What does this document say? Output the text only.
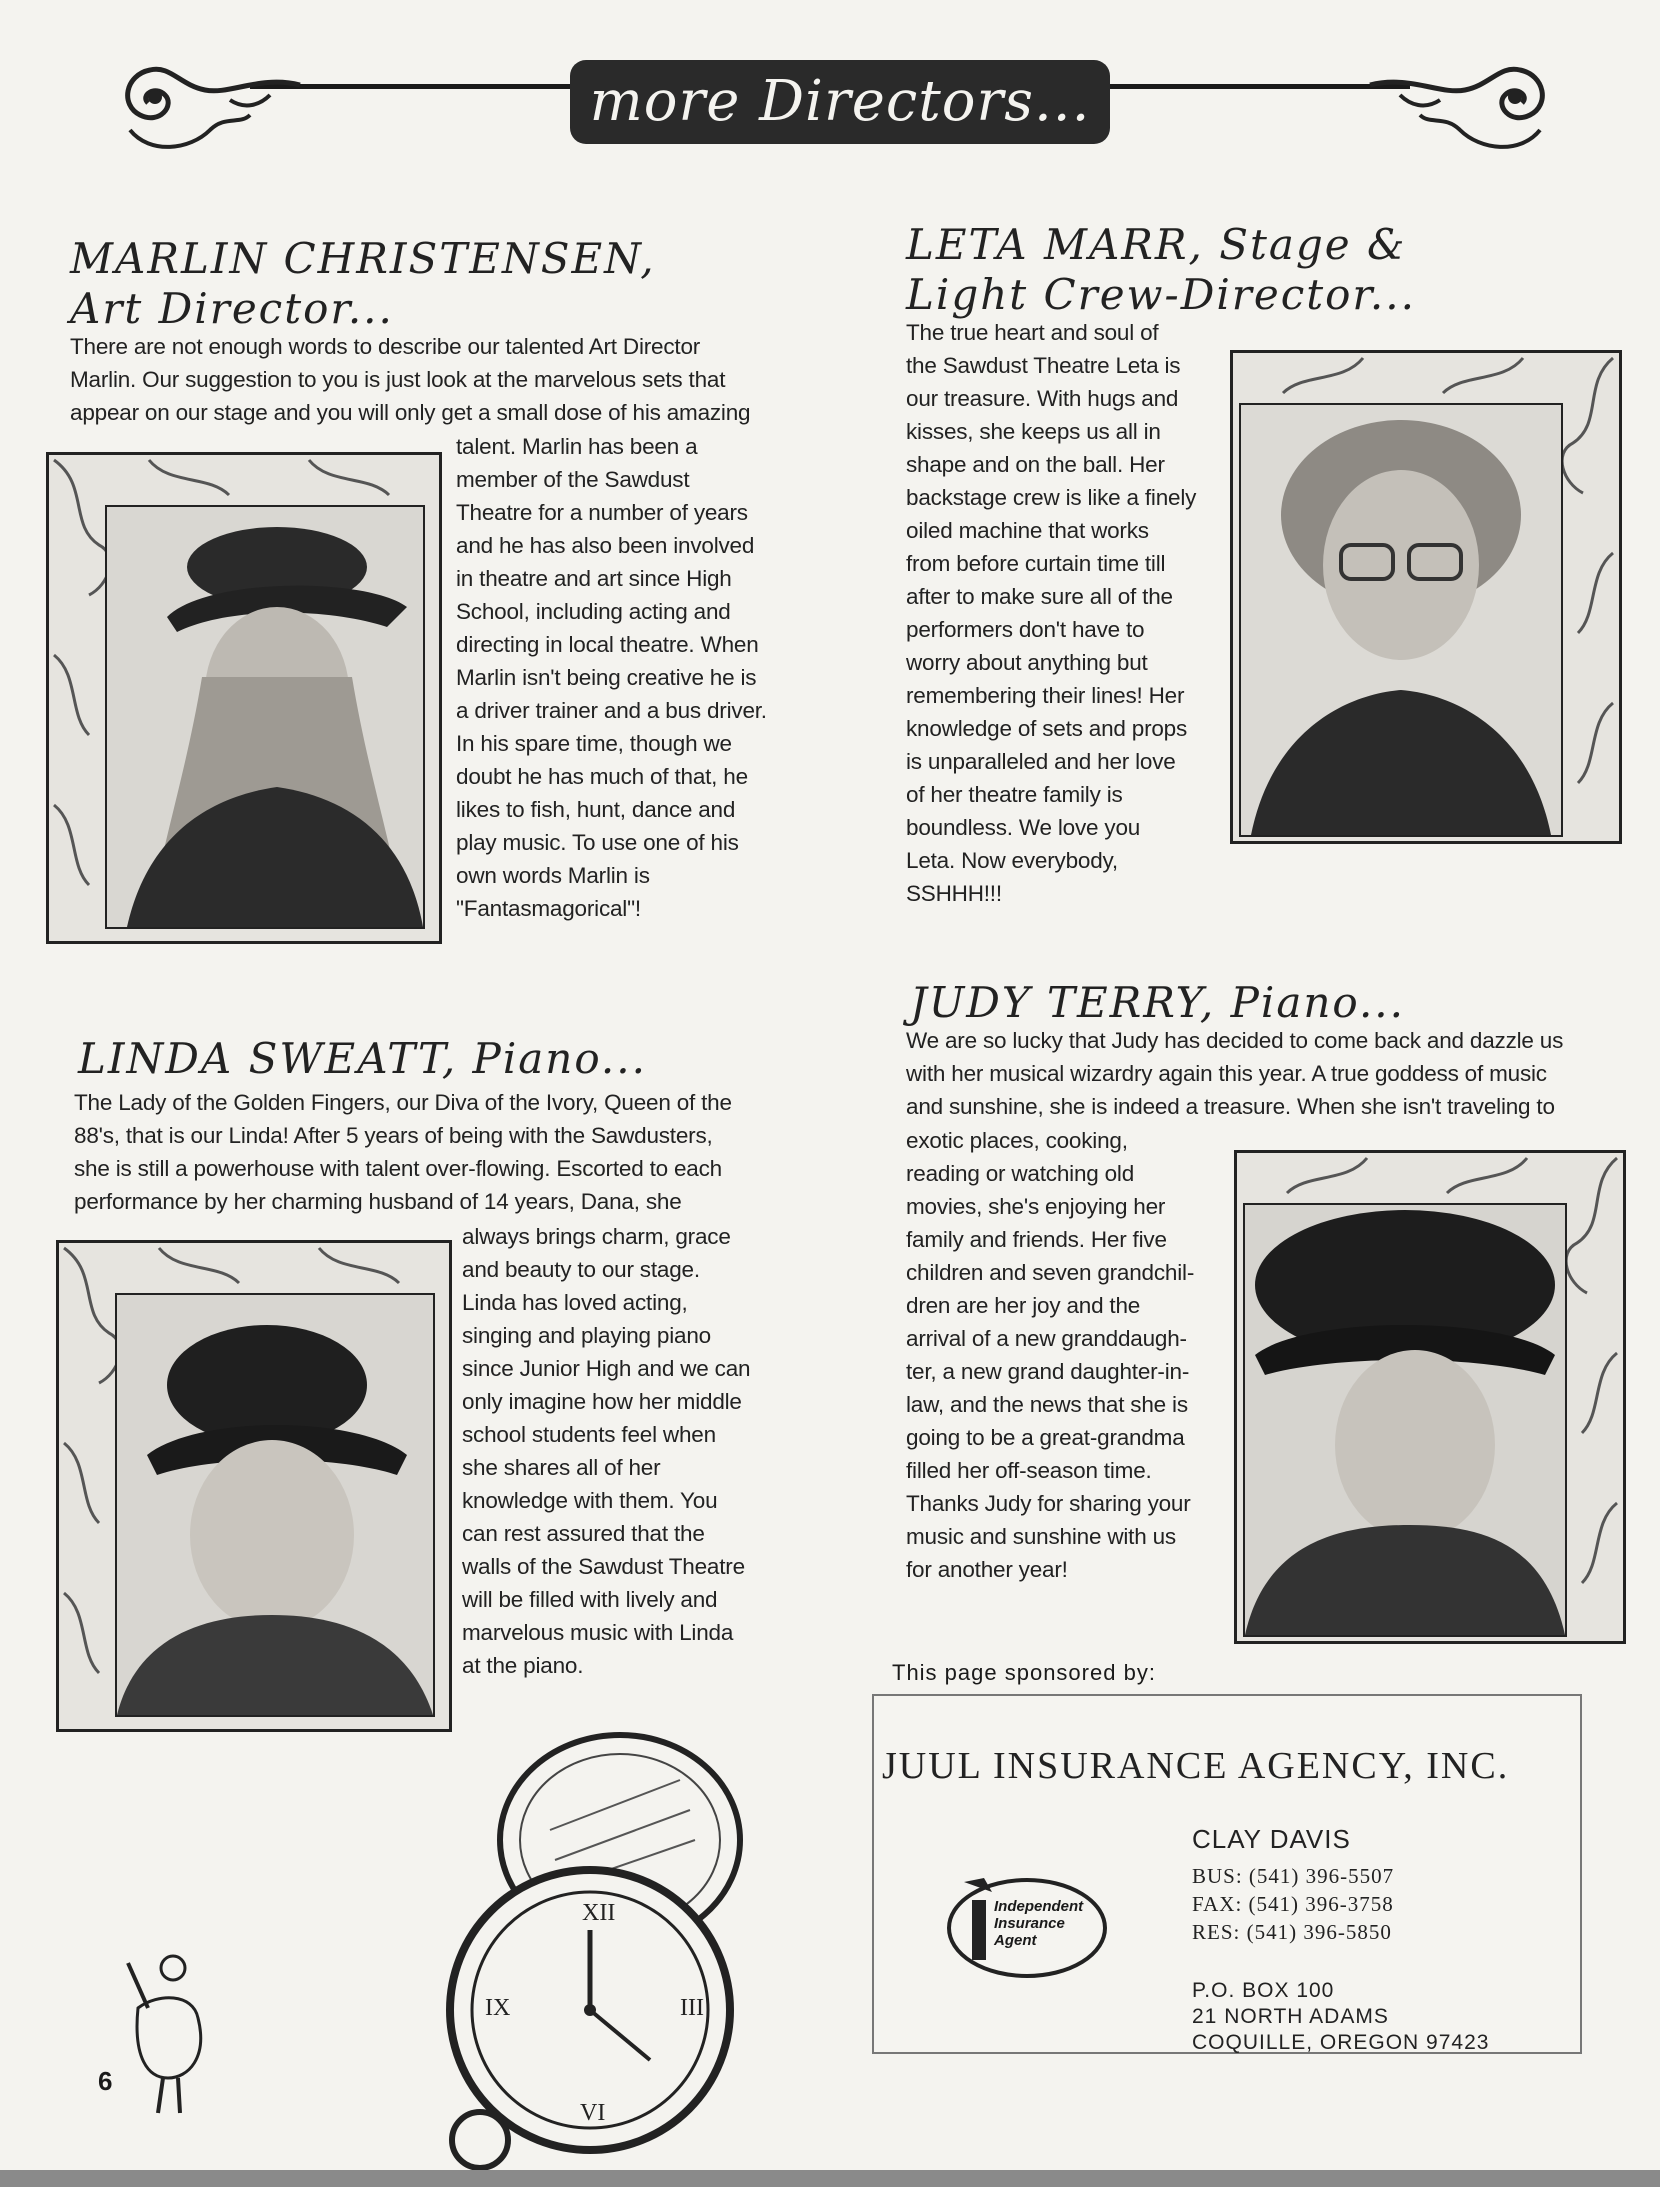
more Directors...
MARLIN CHRISTENSEN,
Art Director...
There are not enough words to describe our talented Art Director
Marlin. Our suggestion to you is just look at the marvelous sets that
appear on our stage and you will only get a small dose of his amazing
talent. Marlin has been a
member of the Sawdust
Theatre for a number of years
and he has also been involved
in theatre and art since High
School, including acting and
directing in local theatre. When
Marlin isn't being creative he is
a driver trainer and a bus driver.
In his spare time, though we
doubt he has much of that, he
likes to fish, hunt, dance and
play music. To use one of his
own words Marlin is
"Fantasmagorical"!
LETA MARR, Stage &
Light Crew-Director...
The true heart and soul of
the Sawdust Theatre Leta is
our treasure. With hugs and
kisses, she keeps us all in
shape and on the ball. Her
backstage crew is like a finely
oiled machine that works
from before curtain time till
after to make sure all of the
performers don't have to
worry about anything but
remembering their lines! Her
knowledge of sets and props
is unparalleled and her love
of her theatre family is
boundless. We love you
Leta. Now everybody,
SSHHH!!!
LINDA SWEATT, Piano...
The Lady of the Golden Fingers, our Diva of the Ivory, Queen of the
88's, that is our Linda! After 5 years of being with the Sawdusters,
she is still a powerhouse with talent over-flowing. Escorted to each
performance by her charming husband of 14 years, Dana, she
always brings charm, grace
and beauty to our stage.
Linda has loved acting,
singing and playing piano
since Junior High and we can
only imagine how her middle
school students feel when
she shares all of her
knowledge with them. You
can rest assured that the
walls of the Sawdust Theatre
will be filled with lively and
marvelous music with Linda
at the piano.
JUDY TERRY, Piano...
We are so lucky that Judy has decided to come back and dazzle us
with her musical wizardry again this year. A true goddess of music
and sunshine, she is indeed a treasure. When she isn't traveling to
exotic places, cooking,
reading or watching old
movies, she's enjoying her
family and friends. Her five
children and seven grandchil-
dren are her joy and the
arrival of a new granddaugh-
ter, a new grand daughter-in-
law, and the news that she is
going to be a great-grandma
filled her off-season time.
Thanks Judy for sharing your
music and sunshine with us
for another year!
XII
III
VI
IX
6
This page sponsored by:
JUUL INSURANCE AGENCY, INC.
CLAY DAVIS
BUS: (541) 396-5507
FAX: (541) 396-3758
RES: (541) 396-5850
P.O. BOX 100
21 NORTH ADAMS
COQUILLE, OREGON 97423
Independent
Insurance
Agent
